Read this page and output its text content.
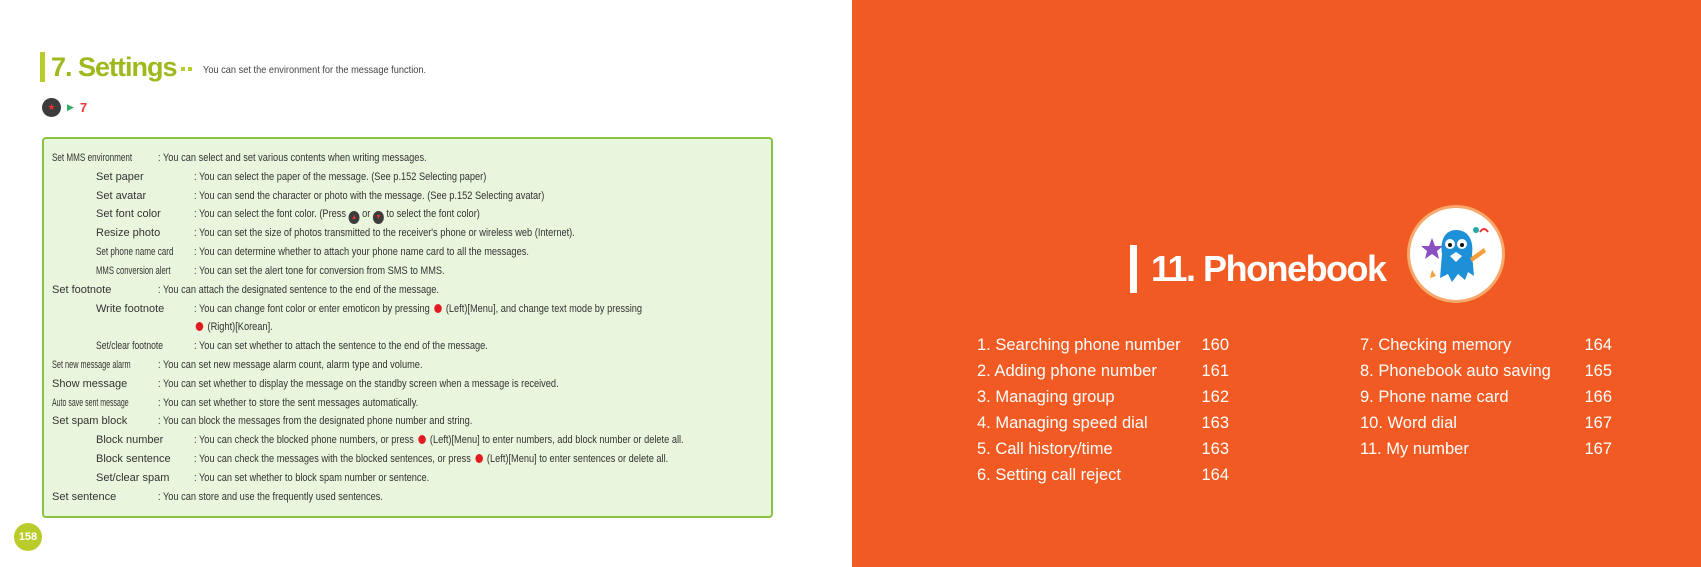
7. Settings You can set the environment for the message function.
★ ▶ 7
Set MMS environment : You can select and set various contents when writing messages.
Set paper	: You can select the paper of the message. (See p.152 Selecting paper)
Set avatar	: You can send the character or photo with the message. (See p.152 Selecting avatar)
Set font color	: You can select the font color. (Press ▲ or ▼ to select the font color)
Resize photo	: You can set the size of photos transmitted to the receiver's phone or wireless web (Internet).
Set phone name card : You can determine whether to attach your phone name card to all the messages.
MMS conversion alert : You can set the alert tone for conversion from SMS to MMS.
Set footnote	: You can attach the designated sentence to the end of the message.
Write footnote	: You can change font color or enter emoticon by pressing  (Left)[Menu], and change text mode by pressing
(Right)[Korean].
Set/clear footnote	: You can set whether to attach the sentence to the end of the message.
Set new message alarm : You can set new message alarm count, alarm type and volume.
Show message	: You can set whether to display the message on the standby screen when a message is received.
Auto save sent message	: You can set whether to store the sent messages automatically.
Set spam block	: You can block the messages from the designated phone number and string.
Block number	: You can check the blocked phone numbers, or press  (Left)[Menu] to enter numbers, add block number or delete all.
Block sentence	: You can check the messages with the blocked sentences, or press  (Left)[Menu] to enter sentences or delete all.
Set/clear spam	: You can set whether to block spam number or sentence.
Set sentence	: You can store and use the frequently used sentences.
158
11. Phonebook
1. Searching phone number	160
2. Adding phone number	161
3. Managing group	162
4. Managing speed dial	163
5. Call history/time	163
6. Setting call reject	164
7. Checking memory	164
8. Phonebook auto saving	165
9. Phone name card	166
10. Word dial	167
11. My number	167
